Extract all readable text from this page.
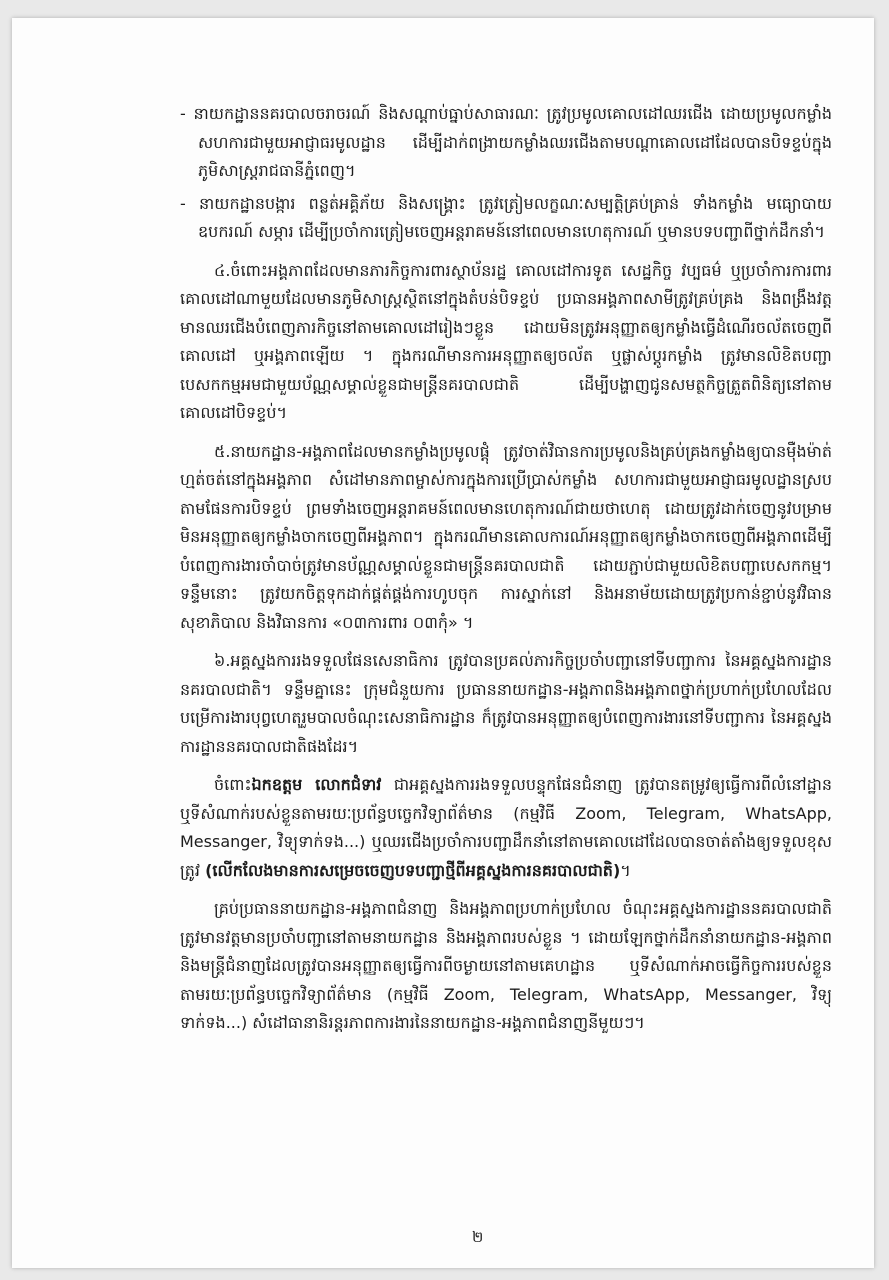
- នាយកដ្ឋាននគរបាលចរាចរណ៍ និងសណ្ដាប់ធ្នាប់សាធារណៈ ត្រូវប្រមូលគោលដៅឈរជើង ដោយប្រមូលកម្លាំង សហការជាមួយអាជ្ញាធរមូលដ្ឋាន ដើម្បីដាក់ពង្រាយកម្លាំងឈរជើងតាមបណ្ដាគោលដៅដែលបានបិទខ្ទប់ក្នុងភូមិសាស្ត្ររាជធានីភ្នំពេញ។

- នាយកដ្ឋានបង្ការ ពន្លត់អគ្គិភ័យ និងសង្គ្រោះ ត្រូវត្រៀមលក្ខណៈសម្បត្តិគ្រប់គ្រាន់ ទាំងកម្លាំង មធ្យោបាយ ឧបករណ៍ សម្ភារ ដើម្បីប្រចាំការត្រៀមចេញអន្តរាគមន៍នៅពេលមានហេតុការណ៍ ឬមានបទបញ្ជាពីថ្នាក់ដឹកនាំ។

៤.ចំពោះអង្គភាពដែលមានភារកិច្ចការពារស្ថាប័នរដ្ឋ គោលដៅការទូត សេដ្ឋកិច្ច វប្បធម៌ ឬប្រចាំការការពារគោលដៅណាមួយដែលមានភូមិសាស្ត្រស្ថិតនៅក្នុងតំបន់បិទខ្ទប់ ប្រធានអង្គភាពសាមីត្រូវគ្រប់គ្រង និងពង្រឹងវត្តមានឈរជើងបំពេញភារកិច្ចនៅតាមគោលដៅរៀងៗខ្លួន ដោយមិនត្រូវអនុញ្ញាតឲ្យកម្លាំងធ្វើដំណើរចល័តចេញពីគោលដៅ ឬអង្គភាពឡើយ ។ ក្នុងករណីមានការអនុញ្ញាតឲ្យចល័ត ឬផ្លាស់ប្ដូរកម្លាំង ត្រូវមានលិខិតបញ្ជាបេសកកម្មអមជាមួយប័ណ្ណសម្គាល់ខ្លួនជាមន្ត្រីនគរបាលជាតិ ដើម្បីបង្ហាញជូនសមត្ថកិច្ចត្រួតពិនិត្យនៅតាមគោលដៅបិទខ្ទប់។

៥.នាយកដ្ឋាន-អង្គភាពដែលមានកម្លាំងប្រមូលផ្ដុំ ត្រូវចាត់វិធានការប្រមូលនិងគ្រប់គ្រងកម្លាំងឲ្យបានម៉ឺងម៉ាត់ ហ្មត់ចត់នៅក្នុងអង្គភាព សំដៅមានភាពម្ចាស់ការក្នុងការប្រើប្រាស់កម្លាំង សហការជាមួយអាជ្ញាធរមូលដ្ឋានស្របតាមផែនការបិទខ្ទប់ ព្រមទាំងចេញអន្តរាគមន៍ពេលមានហេតុការណ៍ជាយថាហេតុ ដោយត្រូវដាក់ចេញនូវបម្រាមមិនអនុញ្ញាតឲ្យកម្លាំងចាកចេញពីអង្គភាព។ ក្នុងករណីមានគោលការណ៍អនុញ្ញាតឲ្យកម្លាំងចាកចេញពីអង្គភាពដើម្បីបំពេញការងារចាំបាច់ត្រូវមានប័ណ្ណសម្គាល់ខ្លួនជាមន្ត្រីនគរបាលជាតិ ដោយភ្ជាប់ជាមួយលិខិតបញ្ជាបេសកកម្ម។ ទន្ទឹមនោះ ត្រូវយកចិត្តទុកដាក់ផ្គត់ផ្គង់ការហូបចុក ការស្នាក់នៅ និងអនាម័យដោយត្រូវប្រកាន់ខ្ជាប់នូវវិធានសុខាភិបាល និងវិធានការ «០៣ការពារ ០៣កុំ» ។

៦.អគ្គស្នងការរងទទួលផែនសេនាធិការ ត្រូវបានប្រគល់ភារកិច្ចប្រចាំបញ្ជានៅទីបញ្ជាការ នៃអគ្គស្នងការដ្ឋាននគរបាលជាតិ។ ទន្ទឹមគ្នានេះ ក្រុមជំនួយការ ប្រធាននាយកដ្ឋាន-អង្គភាពនិងអង្គភាពថ្នាក់ប្រហាក់ប្រហែលដែលបម្រើការងារបុព្វហេតុរួមបាលចំណុះសេនាធិការដ្ឋាន ក៏ត្រូវបានអនុញ្ញាតឲ្យបំពេញការងារនៅទីបញ្ជាការ នៃអគ្គស្នងការដ្ឋាននគរបាលជាតិផងដែរ។

ចំពោះឯកឧត្ដម លោកជំទាវ ជាអគ្គស្នងការរងទទួលបន្ទុកផែនជំនាញ ត្រូវបានតម្រូវឲ្យធ្វើការពីលំនៅដ្ឋាន ឬទីសំណាក់របស់ខ្លួនតាមរយៈប្រព័ន្ធបច្ចេកវិទ្យាព័ត៌មាន (កម្មវិធី Zoom, Telegram, WhatsApp, Messanger, វិទ្យុទាក់ទង...) ឬឈរជើងប្រចាំការបញ្ជាដឹកនាំនៅតាមគោលដៅដែលបានចាត់តាំងឲ្យទទួលខុសត្រូវ (លើកលែងមានការសម្រេចចេញបទបញ្ជាថ្មីពីអគ្គស្នងការនគរបាលជាតិ)។

គ្រប់ប្រធាននាយកដ្ឋាន-អង្គភាពជំនាញ និងអង្គភាពប្រហាក់ប្រហែល ចំណុះអគ្គស្នងការដ្ឋាននគរបាលជាតិ ត្រូវមានវត្តមានប្រចាំបញ្ជានៅតាមនាយកដ្ឋាន និងអង្គភាពរបស់ខ្លួន ។ ដោយឡែកថ្នាក់ដឹកនាំនាយកដ្ឋាន-អង្គភាព និងមន្ត្រីជំនាញដែលត្រូវបានអនុញ្ញាតឲ្យធ្វើការពីចម្ងាយនៅតាមគេហដ្ឋាន ឬទីសំណាក់អាចធ្វើកិច្ចការរបស់ខ្លួនតាមរយៈប្រព័ន្ធបច្ចេកវិទ្យាព័ត៌មាន (កម្មវិធី Zoom, Telegram, WhatsApp, Messanger, វិទ្យុទាក់ទង...) សំដៅធានានិរន្តរភាពការងារនៃនាយកដ្ឋាន-អង្គភាពជំនាញនីមួយៗ។

២
